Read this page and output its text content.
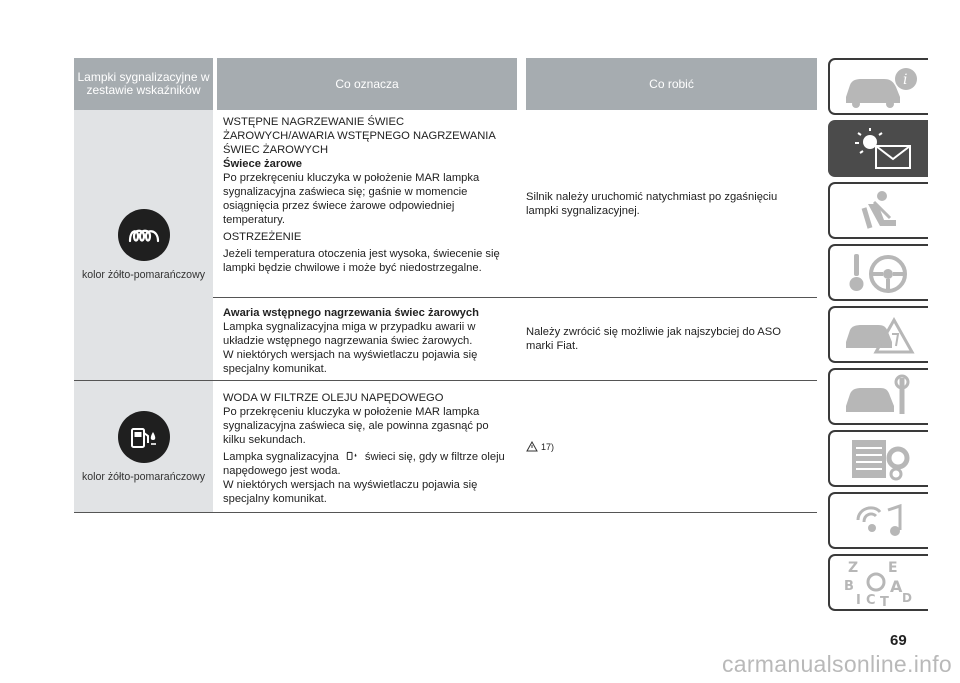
Lampki sygnalizacyjne w zestawie wskaźników	Co oznacza	Co robić
kolor żółto-pomarańczowy
WSTĘPNE NAGRZEWANIE ŚWIEC ŻAROWYCH/AWARIA WSTĘPNEGO NAGRZEWANIA ŚWIEC ŻAROWYCH
Świece żarowe
Po przekręceniu kluczyka w położenie MAR lampka sygnalizacyjna zaświeca się; gaśnie w momencie osiągnięcia przez świece żarowe odpowiedniej temperatury.
OSTRZEŻENIE
Jeżeli temperatura otoczenia jest wysoka, świecenie się lampki będzie chwilowe i może być niedostrzegalne.
Silnik należy uruchomić natychmiast po zgaśnięciu lampki sygnalizacyjnej.
Awaria wstępnego nagrzewania świec żarowych
Lampka sygnalizacyjna miga w przypadku awarii w układzie wstępnego nagrzewania świec żarowych.
W niektórych wersjach na wyświetlaczu pojawia się specjalny komunikat.
Należy zwrócić się możliwie jak najszybciej do ASO marki Fiat.
kolor żółto-pomarańczowy
WODA W FILTRZE OLEJU NAPĘDOWEGO
Po przekręceniu kluczyka w położenie MAR lampka sygnalizacyjna zaświeca się, ale powinna zgasnąć po kilku sekundach.
Lampka sygnalizacyjna świeci się, gdy w filtrze oleju napędowego jest woda.
W niektórych wersjach na wyświetlaczu pojawia się specjalny komunikat.
17)
i
Z E
B A
I C T D
69
carmanualsonline.info
